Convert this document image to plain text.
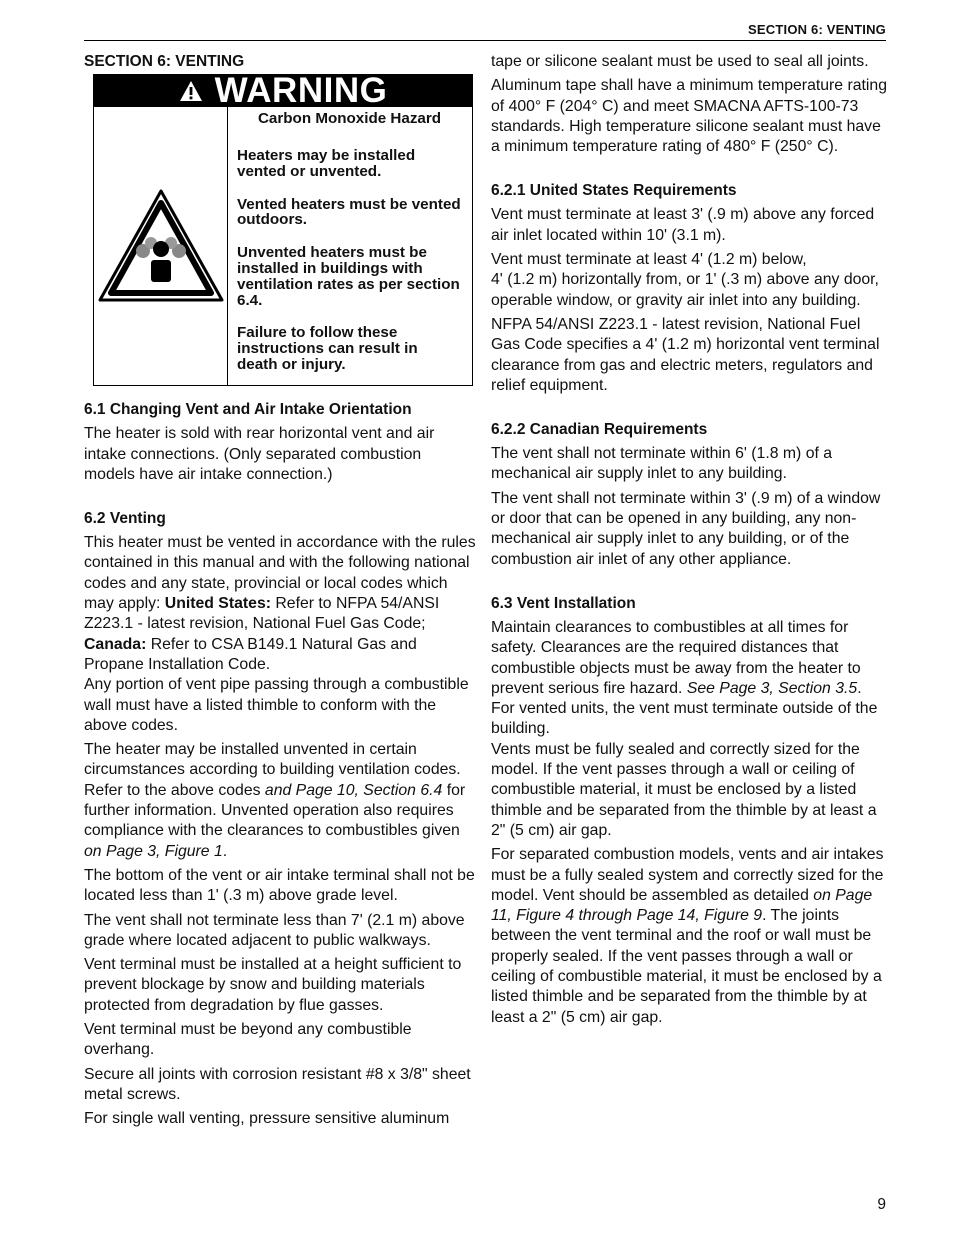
SECTION 6: VENTING
SECTION 6: VENTING
WARNING
Carbon Monoxide Hazard

Heaters may be installed vented or unvented.

Vented heaters must be vented outdoors.

Unvented heaters must be installed in buildings with ventilation rates as per section 6.4.

Failure to follow these instructions can result in death or injury.

6.1 Changing Vent and Air Intake Orientation

The heater is sold with rear horizontal vent and air intake connections. (Only separated combustion models have air intake connection.)

6.2 Venting

This heater must be vented in accordance with the rules contained in this manual and with the following national codes and any state, provincial or local codes which may apply: United States: Refer to NFPA 54/ANSI Z223.1 - latest revision, National Fuel Gas Code; Canada: Refer to CSA B149.1 Natural Gas and Propane Installation Code.
Any portion of vent pipe passing through a combustible wall must have a listed thimble to conform with the above codes.

The heater may be installed unvented in certain circumstances according to building ventilation codes. Refer to the above codes and Page 10, Section 6.4 for further information. Unvented operation also requires compliance with the clearances to combustibles given on Page 3, Figure 1.

The bottom of the vent or air intake terminal shall not be located less than 1' (.3 m) above grade level.

The vent shall not terminate less than 7' (2.1 m) above grade where located adjacent to public walkways.

Vent terminal must be installed at a height sufficient to prevent blockage by snow and building materials protected from degradation by flue gasses.

Vent terminal must be beyond any combustible overhang.

Secure all joints with corrosion resistant #8 x 3/8" sheet metal screws.

For single wall venting, pressure sensitive aluminum

tape or silicone sealant must be used to seal all joints.

Aluminum tape shall have a minimum temperature rating of 400° F (204° C) and meet SMACNA AFTS-100-73 standards. High temperature silicone sealant must have a minimum temperature rating of 480° F (250° C).

6.2.1 United States Requirements

Vent must terminate at least 3' (.9 m) above any forced air inlet located within 10' (3.1 m).

Vent must terminate at least 4' (1.2 m) below,
4' (1.2 m) horizontally from, or 1' (.3 m) above any door, operable window, or gravity air inlet into any building.

NFPA 54/ANSI Z223.1 - latest revision, National Fuel Gas Code specifies a 4' (1.2 m) horizontal vent terminal clearance from gas and electric meters, regulators and relief equipment.

6.2.2 Canadian Requirements

The vent shall not terminate within 6' (1.8 m) of a mechanical air supply inlet to any building.

The vent shall not terminate within 3' (.9 m) of a window or door that can be opened in any building, any non-mechanical air supply inlet to any building, or of the combustion air inlet of any other appliance.

6.3 Vent Installation

Maintain clearances to combustibles at all times for safety. Clearances are the required distances that combustible objects must be away from the heater to prevent serious fire hazard. See Page 3, Section 3.5. For vented units, the vent must terminate outside of the building.

Vents must be fully sealed and correctly sized for the model. If the vent passes through a wall or ceiling of combustible material, it must be enclosed by a listed thimble and be separated from the thimble by at least a 2" (5 cm) air gap.

For separated combustion models, vents and air intakes must be a fully sealed system and correctly sized for the model. Vent should be assembled as detailed on Page 11, Figure 4 through Page 14, Figure 9. The joints between the vent terminal and the roof or wall must be properly sealed. If the vent passes through a wall or ceiling of combustible material, it must be enclosed by a listed thimble and be separated from the thimble by at least a 2" (5 cm) air gap.

9
